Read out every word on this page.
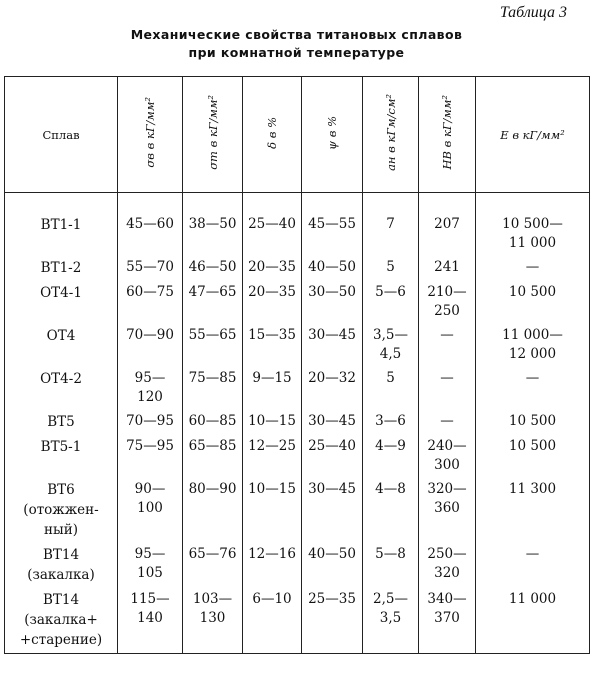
Таблица 3
Механические свойства титановых сплавов
при комнатной температуре
Сплав	σв в кГ/мм²	σт в кГ/мм²	δ в %	ψ в %	aн в кГм/см²	HB в кГ/мм²	E в кГ/мм²

ВТ1-1	45—60	38—50	25—40	45—55	7	207	10 500—
11 000

ВТ1-2	55—70	46—50	20—35	40—50	5	241	—

ОТ4-1	60—75	47—65	20—35	30—50	5—6	210—
250	10 500

ОТ4	70—90	55—65	15—35	30—45	3,5—
4,5	—	11 000—
12 000

ОТ4-2	95—
120	75—85	9—15	20—32	5	—	—

ВТ5	70—95	60—85	10—15	30—45	3—6	—	10 500

ВТ5-1	75—95	65—85	12—25	25—40	4—9	240—
300	10 500

ВТ6
(отожжен-
ный)	90—
100	80—90	10—15	30—45	4—8	320—
360	11 300

ВТ14
(закалка)	95—
105	65—76	12—16	40—50	5—8	250—
320	—

ВТ14
(закалка+
+старение)	115—
140	103—
130	6—10	25—35	2,5—
3,5	340—
370	11 000
